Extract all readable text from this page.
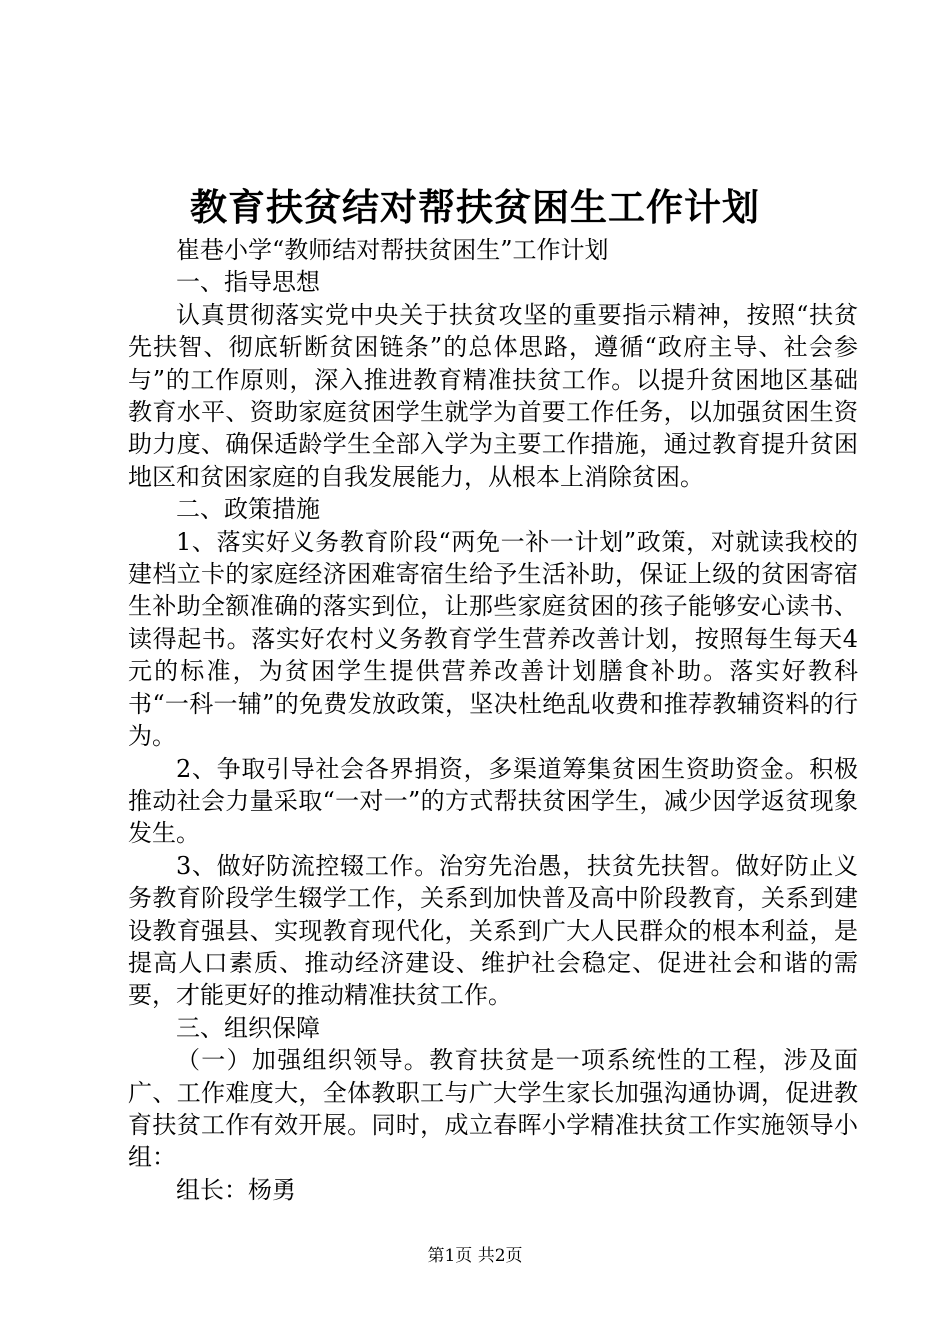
教育扶贫结对帮扶贫困生工作计划

崔巷小学“教师结对帮扶贫困生”工作计划

一、指导思想

认真贯彻落实党中央关于扶贫攻坚的重要指示精神，按照“扶贫先扶智、彻底斩断贫困链条”的总体思路，遵循“政府主导、社会参与”的工作原则，深入推进教育精准扶贫工作。以提升贫困地区基础教育水平、资助家庭贫困学生就学为首要工作任务，以加强贫困生资助力度、确保适龄学生全部入学为主要工作措施，通过教育提升贫困地区和贫困家庭的自我发展能力，从根本上消除贫困。

二、政策措施

1、落实好义务教育阶段“两免一补一计划”政策，对就读我校的建档立卡的家庭经济困难寄宿生给予生活补助，保证上级的贫困寄宿生补助全额准确的落实到位，让那些家庭贫困的孩子能够安心读书、读得起书。落实好农村义务教育学生营养改善计划，按照每生每天4元的标准，为贫困学生提供营养改善计划膳食补助。落实好教科书“一科一辅”的免费发放政策，坚决杜绝乱收费和推荐教辅资料的行为。

2、争取引导社会各界捐资，多渠道筹集贫困生资助资金。积极推动社会力量采取“一对一”的方式帮扶贫困学生，减少因学返贫现象发生。

3、做好防流控辍工作。治穷先治愚，扶贫先扶智。做好防止义务教育阶段学生辍学工作，关系到加快普及高中阶段教育，关系到建设教育强县、实现教育现代化，关系到广大人民群众的根本利益，是提高人口素质、推动经济建设、维护社会稳定、促进社会和谐的需要，才能更好的推动精准扶贫工作。

三、组织保障

（一）加强组织领导。教育扶贫是一项系统性的工程，涉及面广、工作难度大，全体教职工与广大学生家长加强沟通协调，促进教育扶贫工作有效开展。同时，成立春晖小学精准扶贫工作实施领导小组：

组长：杨勇

第1页 共2页
